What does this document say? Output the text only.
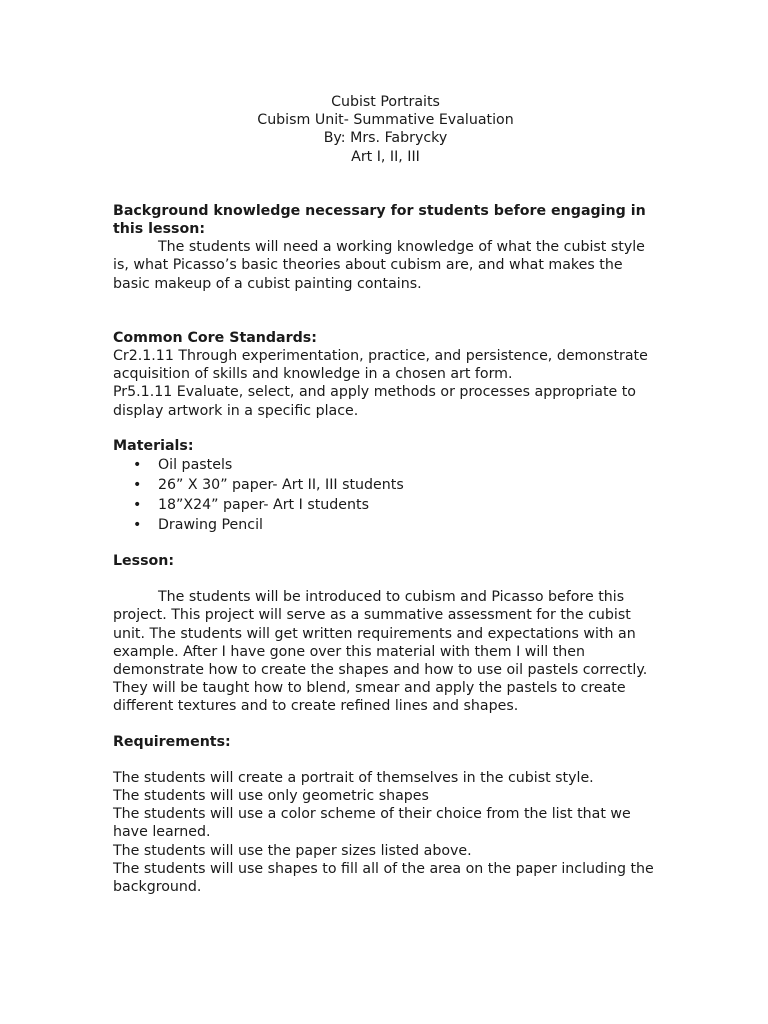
Cubist Portraits
Cubism Unit- Summative Evaluation
By: Mrs. Fabrycky
Art I, II, III
Background knowledge necessary for students before engaging in this lesson:

The students will need a working knowledge of what the cubist style is, what Picasso’s basic theories about cubism are, and what makes the basic makeup of a cubist painting contains.

Common Core Standards:

Cr2.1.11 Through experimentation, practice, and persistence, demonstrate acquisition of skills and knowledge in a chosen art form.

Pr5.1.11 Evaluate, select, and apply methods or processes appropriate to display artwork in a specific place.

Materials:
• Oil pastels
• 26” X 30” paper- Art II, III students
• 18”X24” paper- Art I students
• Drawing Pencil
Lesson:

The students will be introduced to cubism and Picasso before this project. This project will serve as a summative assessment for the cubist unit. The students will get written requirements and expectations with an example. After I have gone over this material with them I will then demonstrate how to create the shapes and how to use oil pastels correctly. They will be taught how to blend, smear and apply the pastels to create different textures and to create refined lines and shapes.

Requirements:

The students will create a portrait of themselves in the cubist style.

The students will use only geometric shapes

The students will use a color scheme of their choice from the list that we have learned.

The students will use the paper sizes listed above.

The students will use shapes to fill all of the area on the paper including the background.
